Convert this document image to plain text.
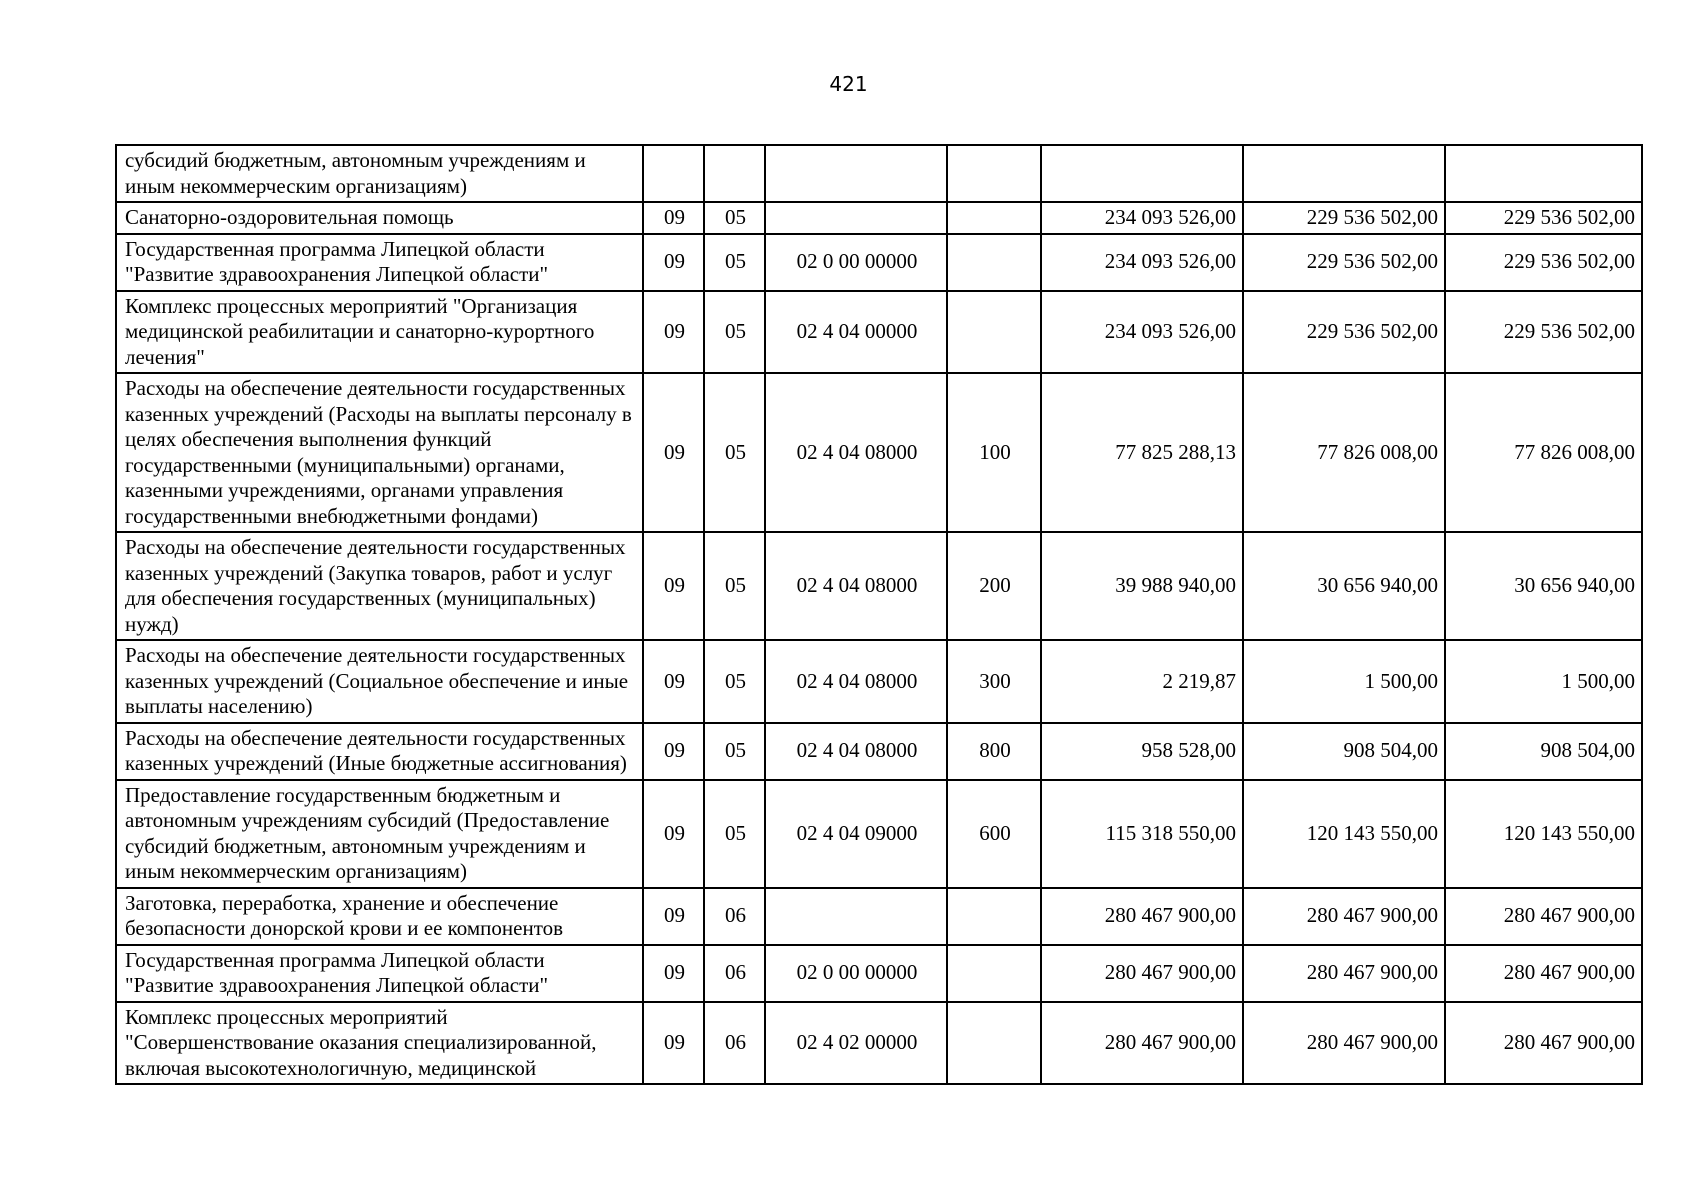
421
субсидий бюджетным, автономным учреждениям и иным некоммерческим организациям)							
Санаторно-оздоровительная помощь	09	05			234 093 526,00	229 536 502,00	229 536 502,00
Государственная программа Липецкой области "Развитие здравоохранения Липецкой области"	09	05	02 0 00 00000		234 093 526,00	229 536 502,00	229 536 502,00
Комплекс процессных мероприятий "Организация медицинской реабилитации и санаторно-курортного лечения"	09	05	02 4 04 00000		234 093 526,00	229 536 502,00	229 536 502,00
Расходы на обеспечение деятельности государственных казенных учреждений (Расходы на выплаты персоналу в целях обеспечения выполнения функций государственными (муниципальными) органами, казенными учреждениями, органами управления государственными внебюджетными фондами)	09	05	02 4 04 08000	100	77 825 288,13	77 826 008,00	77 826 008,00
Расходы на обеспечение деятельности государственных казенных учреждений (Закупка товаров, работ и услуг для обеспечения государственных (муниципальных) нужд)	09	05	02 4 04 08000	200	39 988 940,00	30 656 940,00	30 656 940,00
Расходы на обеспечение деятельности государственных казенных учреждений (Социальное обеспечение и иные выплаты населению)	09	05	02 4 04 08000	300	2 219,87	1 500,00	1 500,00
Расходы на обеспечение деятельности государственных казенных учреждений (Иные бюджетные ассигнования)	09	05	02 4 04 08000	800	958 528,00	908 504,00	908 504,00
Предоставление государственным бюджетным и автономным учреждениям субсидий (Предоставление субсидий бюджетным, автономным учреждениям и иным некоммерческим организациям)	09	05	02 4 04 09000	600	115 318 550,00	120 143 550,00	120 143 550,00
Заготовка, переработка, хранение и обеспечение безопасности донорской крови и ее компонентов	09	06			280 467 900,00	280 467 900,00	280 467 900,00
Государственная программа Липецкой области "Развитие здравоохранения Липецкой области"	09	06	02 0 00 00000		280 467 900,00	280 467 900,00	280 467 900,00
Комплекс процессных мероприятий "Совершенствование оказания специализированной, включая высокотехнологичную, медицинской	09	06	02 4 02 00000		280 467 900,00	280 467 900,00	280 467 900,00
